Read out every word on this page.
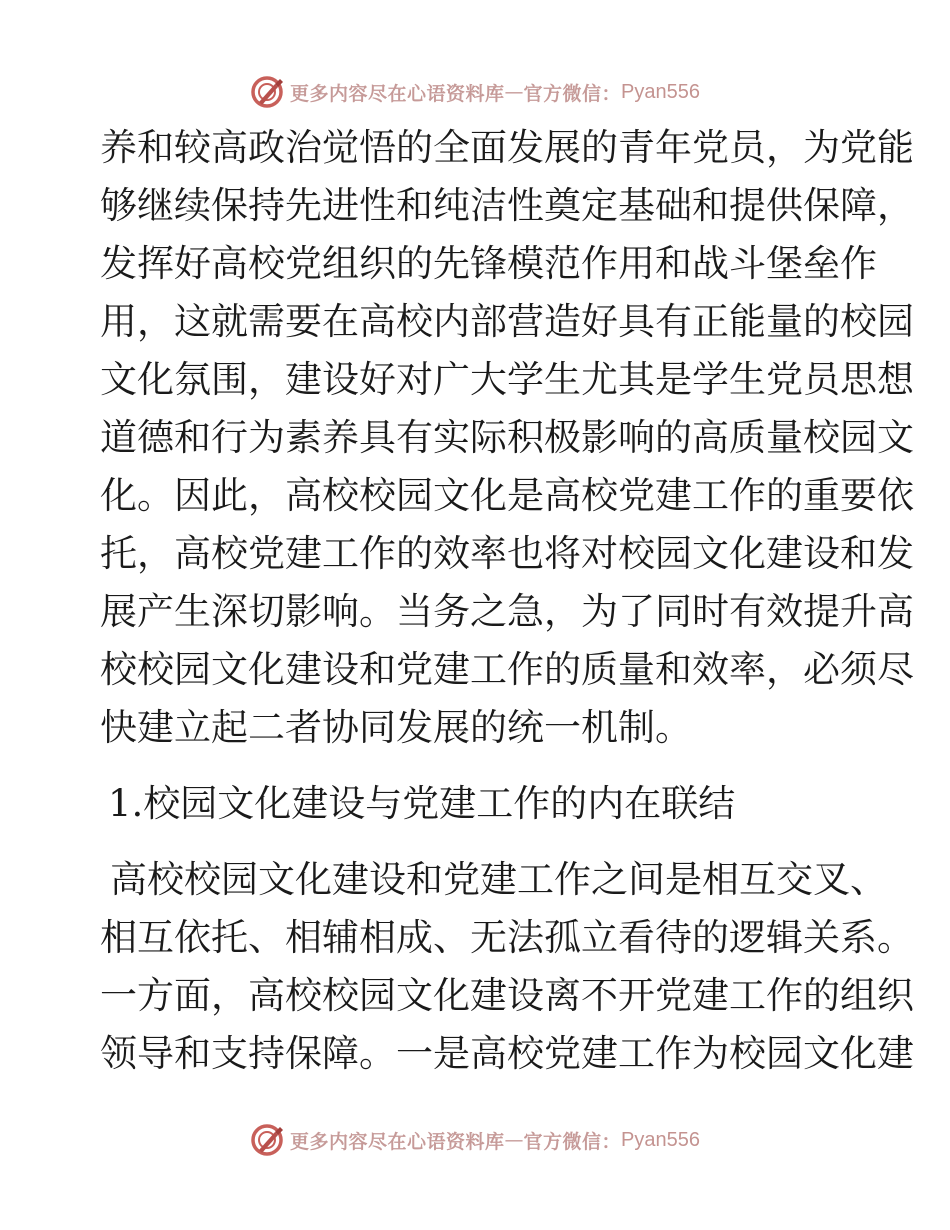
更多内容尽在心语资料库 — 官方微信： Pyan556
养和较高政治觉悟的全面发展的青年党员，为党能
够继续保持先进性和纯洁性奠定基础和提供保障，
发挥好高校党组织的先锋模范作用和战斗堡垒作
用，这就需要在高校内部营造好具有正能量的校园
文化氛围，建设好对广大学生尤其是学生党员思想
道德和行为素养具有实际积极影响的高质量校园文
化。因此，高校校园文化是高校党建工作的重要依
托，高校党建工作的效率也将对校园文化建设和发
展产生深切影响。当务之急，为了同时有效提升高
校校园文化建设和党建工作的质量和效率，必须尽
快建立起二者协同发展的统一机制。
1.校园文化建设与党建工作的内在联结
高校校园文化建设和党建工作之间是相互交叉、
相互依托、相辅相成、无法孤立看待的逻辑关系。
一方面，高校校园文化建设离不开党建工作的组织
领导和支持保障。一是高校党建工作为校园文化建
更多内容尽在心语资料库 — 官方微信： Pyan556
